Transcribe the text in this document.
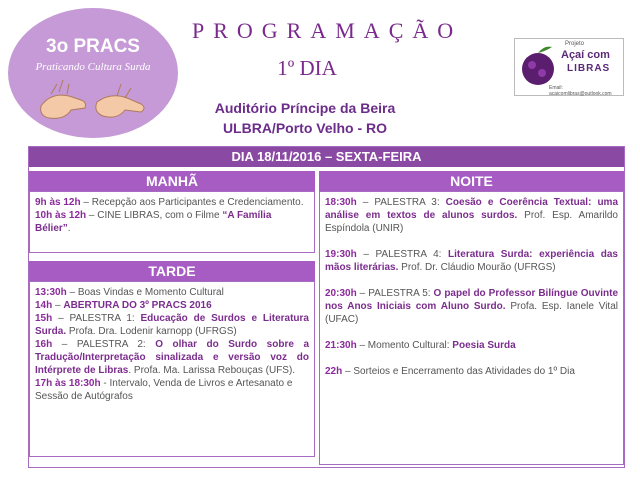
3o PRACS
Praticando Cultura Surda
PROGRAMAÇÃO
1º DIA
Auditório Príncipe da Beira
ULBRA/Porto Velho - RO
Projeto
Açaí com
LIBRAS
Email: acaicomlibras@outlook.com
DIA 18/11/2016 – SEXTA-FEIRA
MANHÃ

9h às 12h – Recepção aos Participantes e Credenciamento.

10h às 12h – CINE LIBRAS, com o Filme “A Família Bélier”.

TARDE

13:30h – Boas Vindas e Momento Cultural

14h – ABERTURA DO 3º PRACS 2016

15h – PALESTRA 1: Educação de Surdos e Literatura Surda. Profa. Dra. Lodenir karnopp (UFRGS)

16h – PALESTRA 2: O olhar do Surdo sobre a Tradução/Interpretação sinalizada e versão voz do Intérprete de Libras. Profa. Ma. Larissa Rebouças (UFS).

17h às 18:30h - Intervalo, Venda de Livros e Artesanato e Sessão de Autógrafos

NOITE

18:30h – PALESTRA 3: Coesão e Coerência Textual: uma análise em textos de alunos surdos. Prof. Esp. Amarildo Espíndola (UNIR)

19:30h – PALESTRA 4: Literatura Surda: experiência das mãos literárias. Prof. Dr. Cláudio Mourão (UFRGS)

20:30h – PALESTRA 5: O papel do Professor Bilíngue Ouvinte nos Anos Iniciais com Aluno Surdo. Profa. Esp. Ianele Vital (UFAC)

21:30h – Momento Cultural: Poesia Surda

22h – Sorteios e Encerramento das Atividades do 1º Dia
